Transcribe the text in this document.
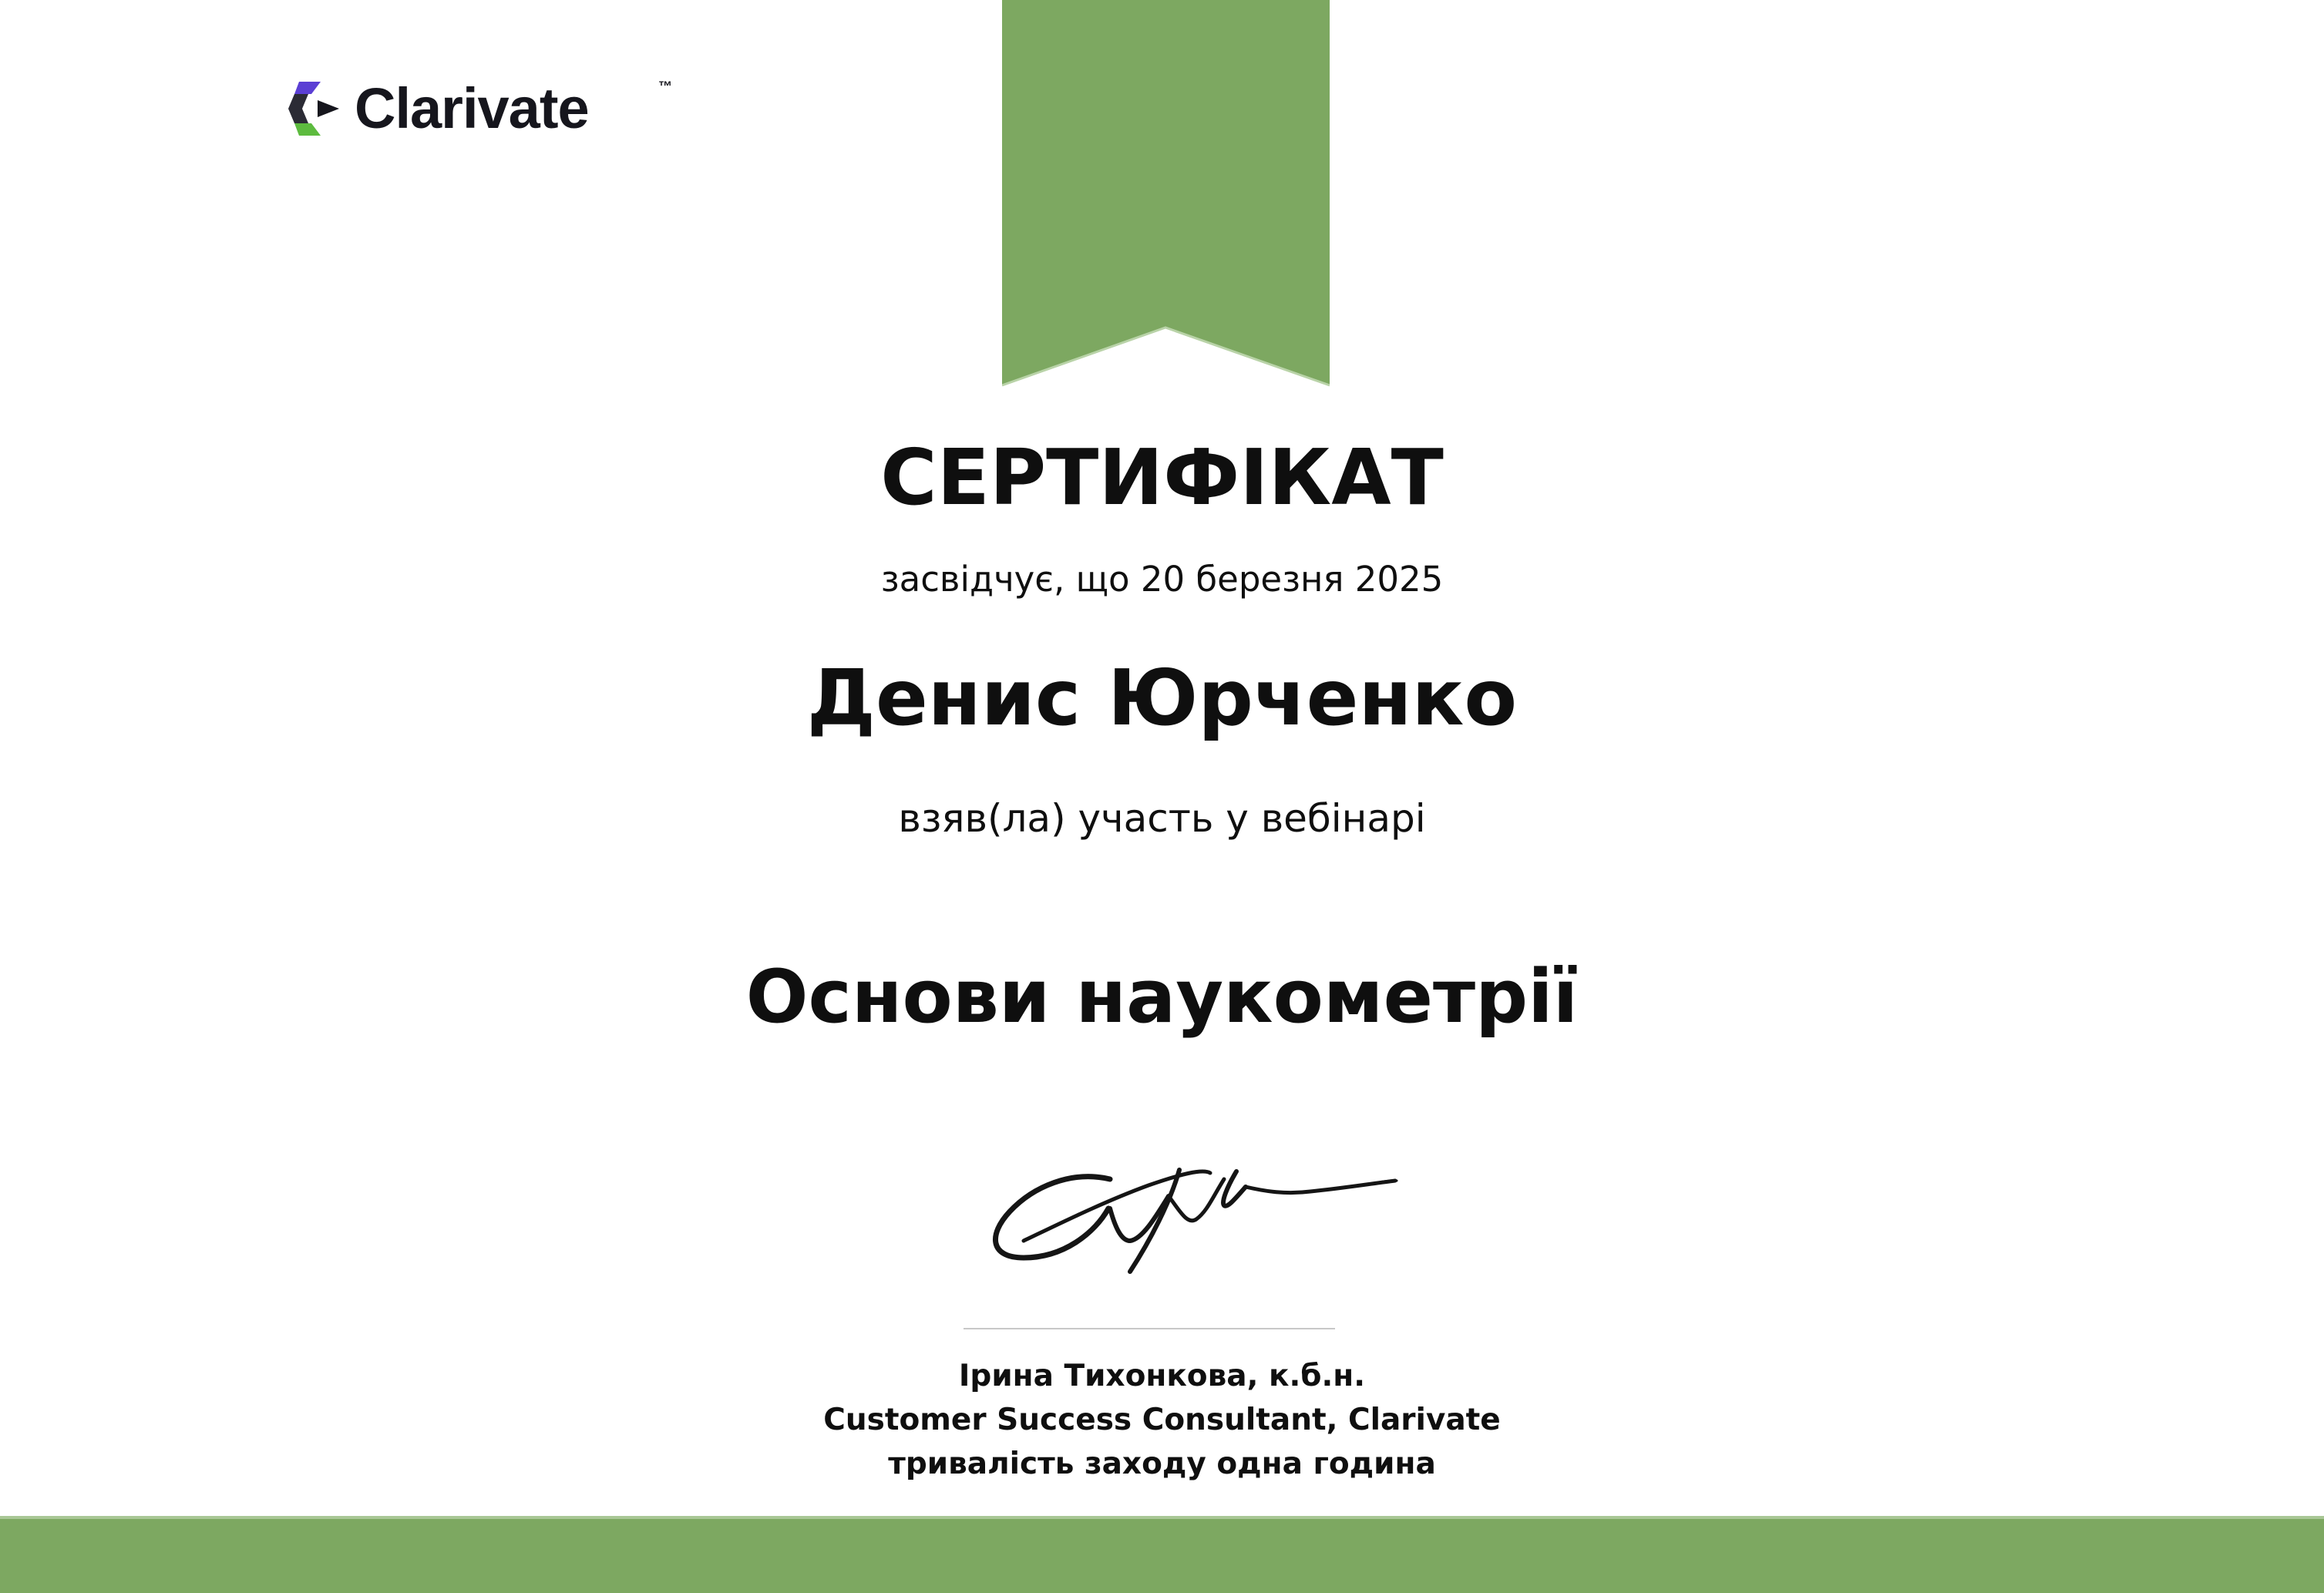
Clarivate	™
СЕРТИФІКАТ
засвідчує, що 20 березня 2025
Денис Юрченко
взяв(ла) участь у вебінарі
Основи наукометрії
Ірина Тихонкова, к.б.н.
Customer Success Consultant, Clarivate
тривалість заходу одна година
